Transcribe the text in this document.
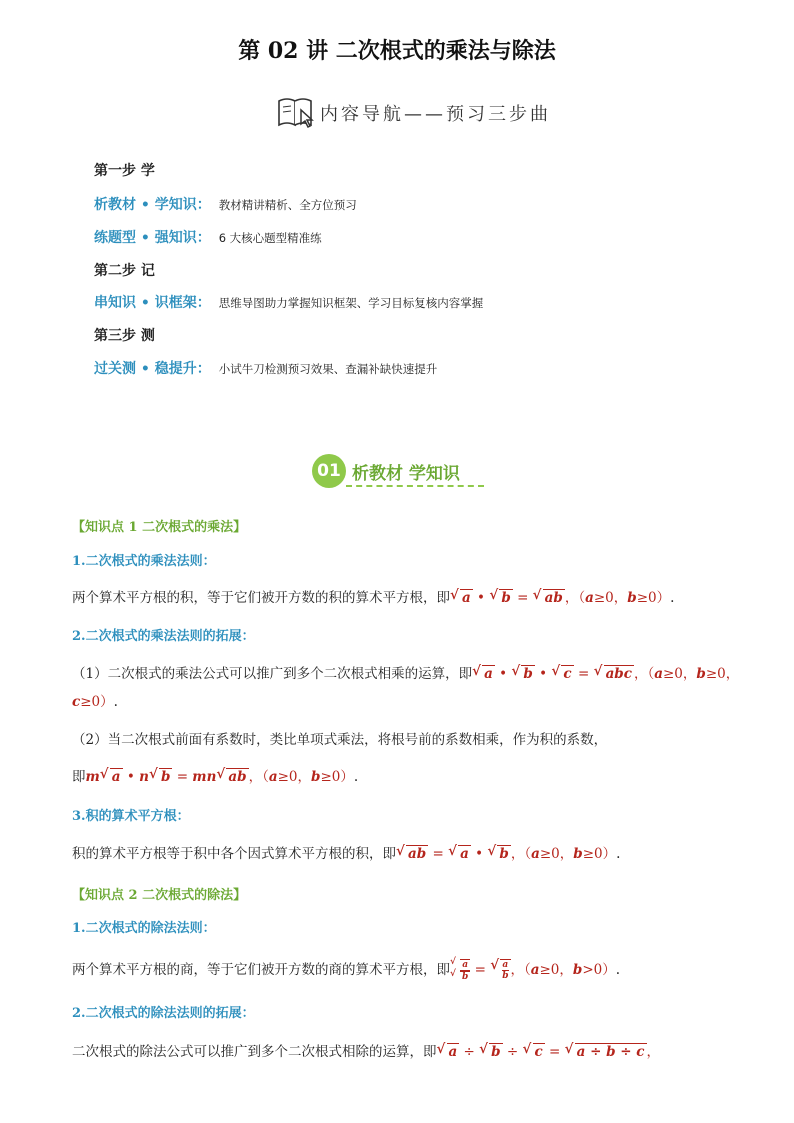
第 02 讲 二次根式的乘法与除法
内容导航——预习三步曲
第一步 学
析教材 • 学知识： 教材精讲精析、全方位预习
练题型 • 强知识： 6 大核心题型精准练
第二步 记
串知识 • 识框架： 思维导图助力掌握知识框架、学习目标复核内容掌握
第三步 测
过关测 • 稳提升： 小试牛刀检测预习效果、查漏补缺快速提升
01 析教材 学知识
【知识点 1 二次根式的乘法】
1.二次根式的乘法法则：
两个算术平方根的积，等于它们被开方数的积的算术平方根，即 √ a • √ b = √ ab ，（a≥0，b≥0）.
2.二次根式的乘法法则的拓展：
（1）二次根式的乘法公式可以推广到多个二次根式相乘的运算，即 √ a • √ b • √ c = √ abc ，（a≥0，b≥0，
c≥0）.
（2）当二次根式前面有系数时，类比单项式乘法，将根号前的系数相乘，作为积的系数，
即m √ a • n √ b = mn √ ab ，（a≥0，b≥0）.
3.积的算术平方根：
积的算术平方根等于积中各个因式算术平方根的积，即 √ ab = √ a • √ b ，（a≥0，b≥0）.
【知识点 2 二次根式的除法】
1.二次根式的除法法则：
两个算术平方根的商，等于它们被开方数的商的算术平方根，即 √ a
√ b = √ $\frac{a}{b}$ ，（a≥0，b>0）.
2.二次根式的除法法则的拓展：
二次根式的除法公式可以推广到多个二次根式相除的运算，即 √ a ÷ √ b ÷ √ c = √ a ÷ b ÷ c ，
